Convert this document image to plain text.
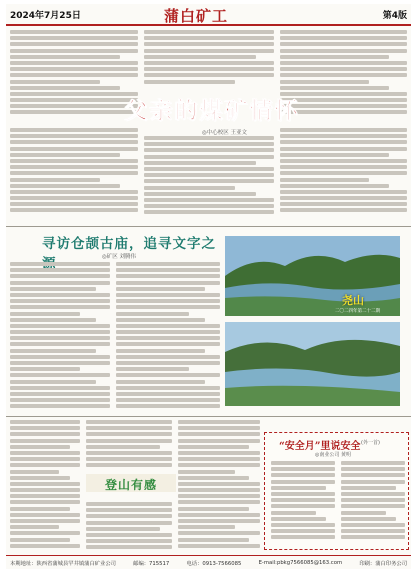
2024年7月25日	蒲白矿工	第4版
父亲的煤矿情怀
◎中心校区 王亚文
寻访仓颉古庙，追寻文字之
◎矿区 刘腾伟
尧山
二〇二四年第二十二期
登山有感
“安全月”里说安全 (外一首)
◎南业公司 黄明
本期地址：陕西省蒲城县罕井镇蒲白矿业公司	邮编：715517	电话：0913-7566085	E-mail:pbkg7566085@163.com	印刷：蒲白印务公司
